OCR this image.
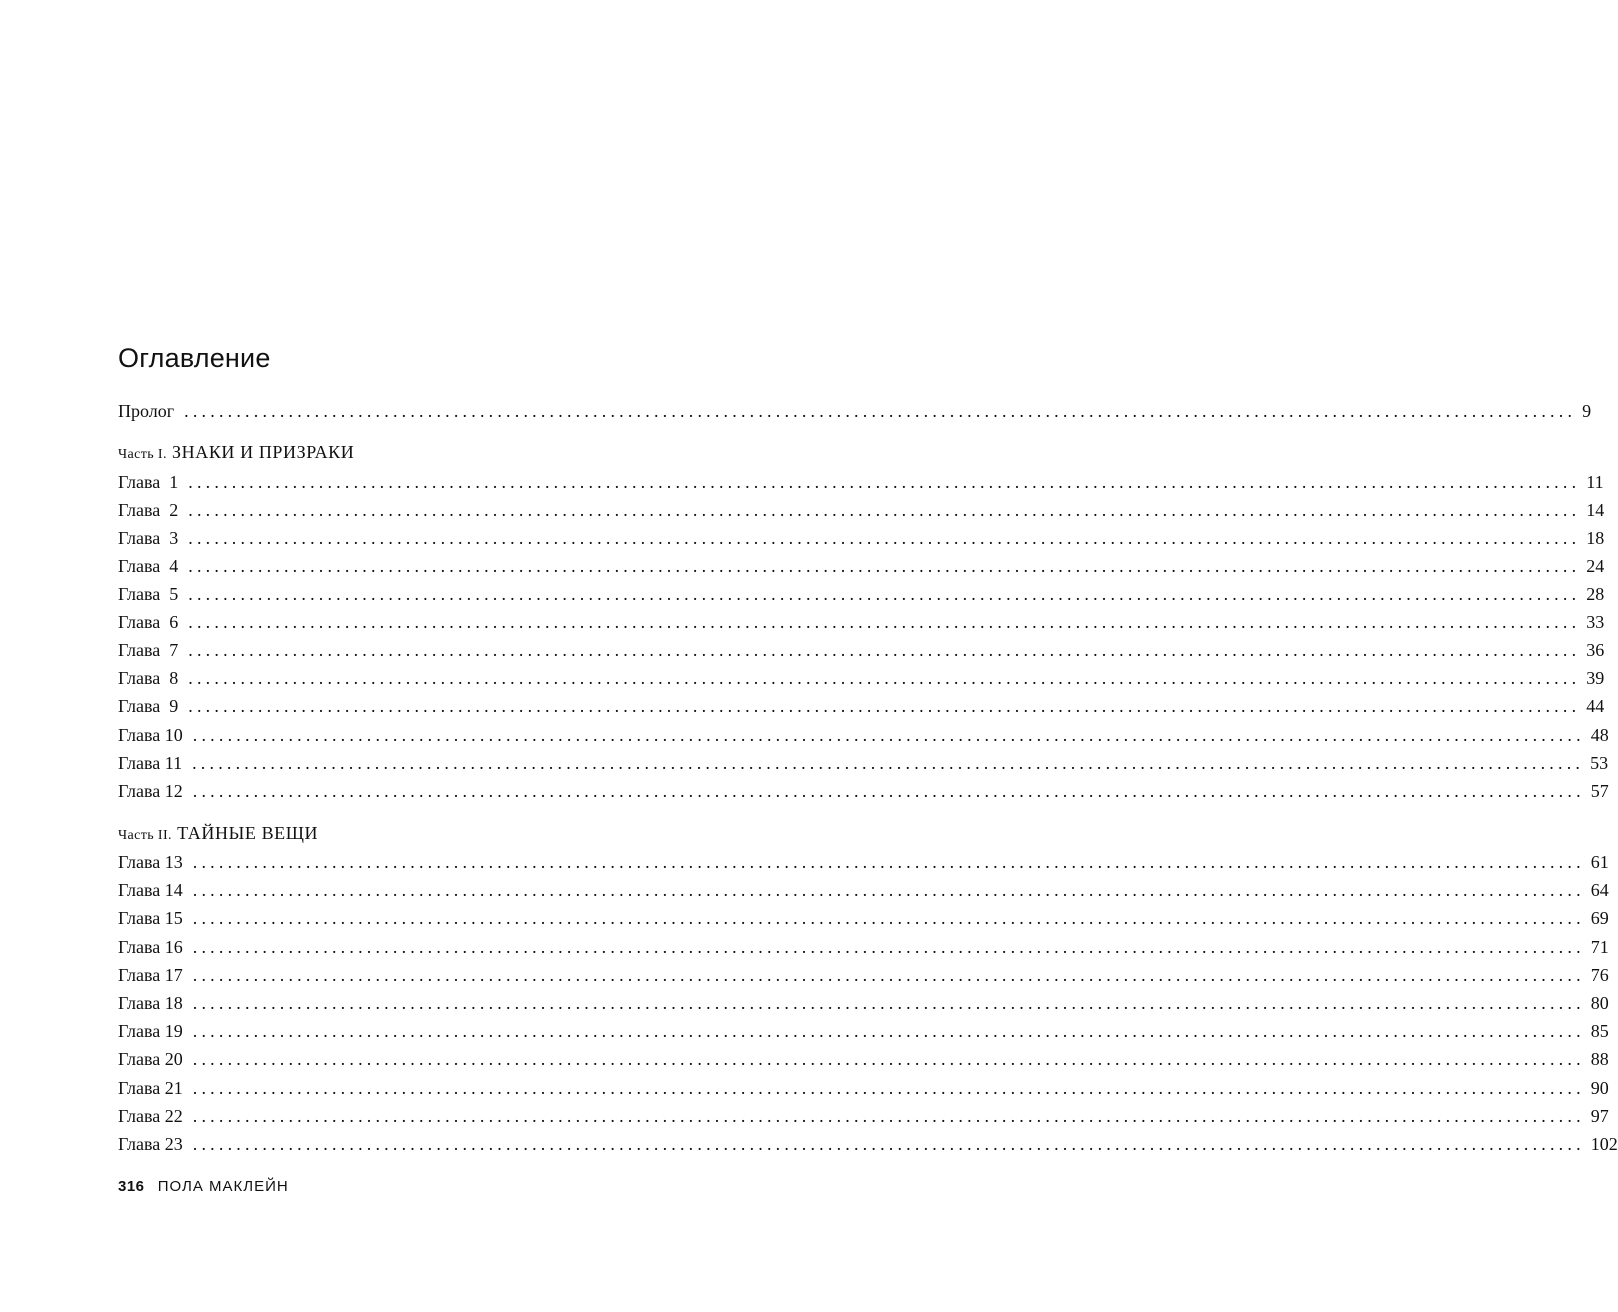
Оглавление
Пролог ................................................................................................................................................................ 9
Часть I. ЗНАКИ И ПРИЗРАКИ
Глава  1 ................................................................................................................................................................ 11
Глава  2 ................................................................................................................................................................ 14
Глава  3 ................................................................................................................................................................ 18
Глава  4 ................................................................................................................................................................ 24
Глава  5 ................................................................................................................................................................ 28
Глава  6 ................................................................................................................................................................ 33
Глава  7 ................................................................................................................................................................ 36
Глава  8 ................................................................................................................................................................ 39
Глава  9 ................................................................................................................................................................ 44
Глава 10 ................................................................................................................................................................ 48
Глава 11 ................................................................................................................................................................ 53
Глава 12 ................................................................................................................................................................ 57
Часть II. ТАЙНЫЕ ВЕЩИ
Глава 13 ................................................................................................................................................................ 61
Глава 14 ................................................................................................................................................................ 64
Глава 15 ................................................................................................................................................................ 69
Глава 16 ................................................................................................................................................................ 71
Глава 17 ................................................................................................................................................................ 76
Глава 18 ................................................................................................................................................................ 80
Глава 19 ................................................................................................................................................................ 85
Глава 20 ................................................................................................................................................................ 88
Глава 21 ................................................................................................................................................................ 90
Глава 22 ................................................................................................................................................................ 97
Глава 23 ................................................................................................................................................................ 102
316 ПОЛА МАКЛЕЙН
